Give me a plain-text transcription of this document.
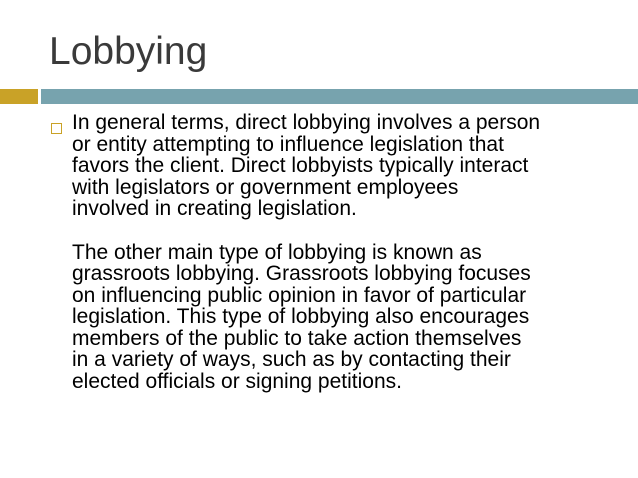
Lobbying

In general terms, direct lobbying involves a person
or entity attempting to influence legislation that
favors the client. Direct lobbyists typically interact
with legislators or government employees
involved in creating legislation.

The other main type of lobbying is known as
grassroots lobbying. Grassroots lobbying focuses
on influencing public opinion in favor of particular
legislation. This type of lobbying also encourages
members of the public to take action themselves
in a variety of ways, such as by contacting their
elected officials or signing petitions.
